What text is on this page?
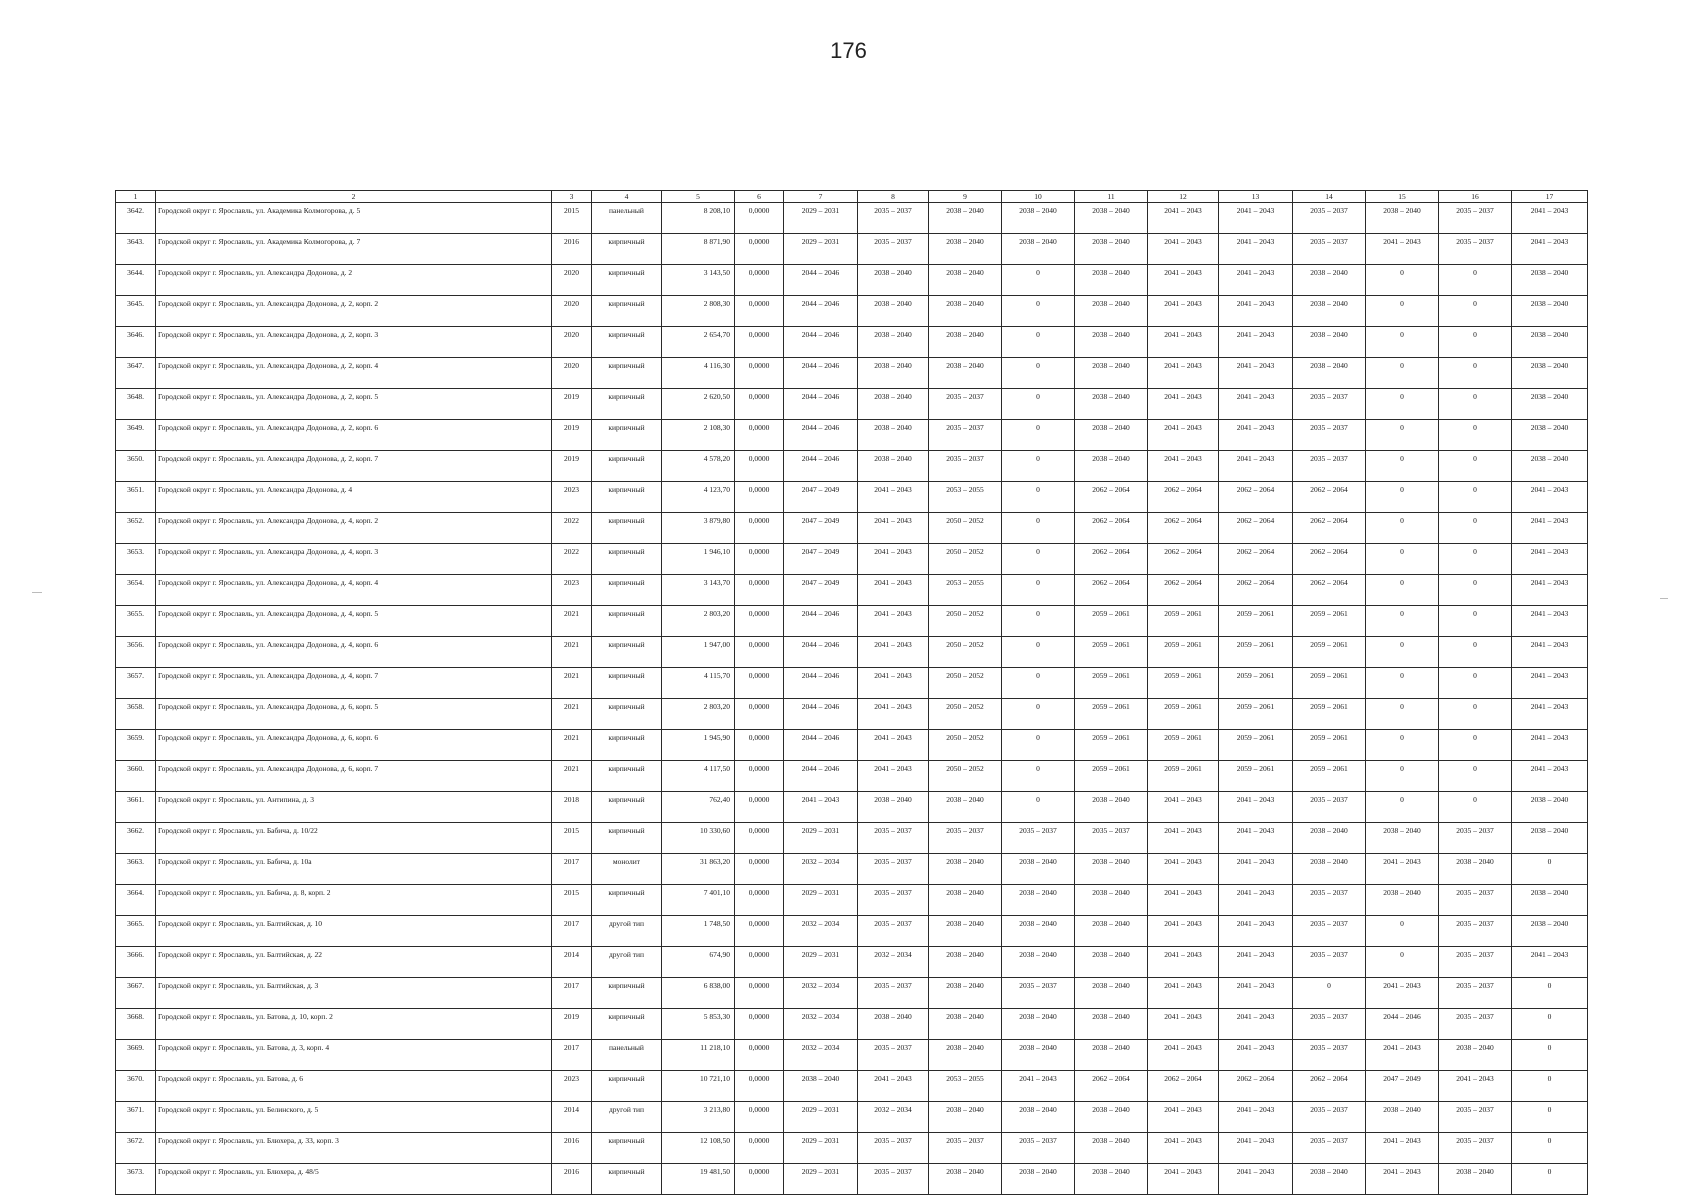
176
1	2	3	4	5	6	7	8	9	10	11	12	13	14	15	16	17
3642.	Городской округ г. Ярославль, ул. Академика Колмогорова, д. 5	2015	панельный	8 208,10	0,0000	2029 – 2031	2035 – 2037	2038 – 2040	2038 – 2040	2038 – 2040	2041 – 2043	2041 – 2043	2035 – 2037	2038 – 2040	2035 – 2037	2041 – 2043
3643.	Городской округ г. Ярославль, ул. Академика Колмогорова, д. 7	2016	кирпичный	8 871,90	0,0000	2029 – 2031	2035 – 2037	2038 – 2040	2038 – 2040	2038 – 2040	2041 – 2043	2041 – 2043	2035 – 2037	2041 – 2043	2035 – 2037	2041 – 2043
3644.	Городской округ г. Ярославль, ул. Александра Додонова, д. 2	2020	кирпичный	3 143,50	0,0000	2044 – 2046	2038 – 2040	2038 – 2040	0	2038 – 2040	2041 – 2043	2041 – 2043	2038 – 2040	0	0	2038 – 2040
3645.	Городской округ г. Ярославль, ул. Александра Додонова, д. 2, корп. 2	2020	кирпичный	2 808,30	0,0000	2044 – 2046	2038 – 2040	2038 – 2040	0	2038 – 2040	2041 – 2043	2041 – 2043	2038 – 2040	0	0	2038 – 2040
3646.	Городской округ г. Ярославль, ул. Александра Додонова, д. 2, корп. 3	2020	кирпичный	2 654,70	0,0000	2044 – 2046	2038 – 2040	2038 – 2040	0	2038 – 2040	2041 – 2043	2041 – 2043	2038 – 2040	0	0	2038 – 2040
3647.	Городской округ г. Ярославль, ул. Александра Додонова, д. 2, корп. 4	2020	кирпичный	4 116,30	0,0000	2044 – 2046	2038 – 2040	2038 – 2040	0	2038 – 2040	2041 – 2043	2041 – 2043	2038 – 2040	0	0	2038 – 2040
3648.	Городской округ г. Ярославль, ул. Александра Додонова, д. 2, корп. 5	2019	кирпичный	2 620,50	0,0000	2044 – 2046	2038 – 2040	2035 – 2037	0	2038 – 2040	2041 – 2043	2041 – 2043	2035 – 2037	0	0	2038 – 2040
3649.	Городской округ г. Ярославль, ул. Александра Додонова, д. 2, корп. 6	2019	кирпичный	2 108,30	0,0000	2044 – 2046	2038 – 2040	2035 – 2037	0	2038 – 2040	2041 – 2043	2041 – 2043	2035 – 2037	0	0	2038 – 2040
3650.	Городской округ г. Ярославль, ул. Александра Додонова, д. 2, корп. 7	2019	кирпичный	4 578,20	0,0000	2044 – 2046	2038 – 2040	2035 – 2037	0	2038 – 2040	2041 – 2043	2041 – 2043	2035 – 2037	0	0	2038 – 2040
3651.	Городской округ г. Ярославль, ул. Александра Додонова, д. 4	2023	кирпичный	4 123,70	0,0000	2047 – 2049	2041 – 2043	2053 – 2055	0	2062 – 2064	2062 – 2064	2062 – 2064	2062 – 2064	0	0	2041 – 2043
3652.	Городской округ г. Ярославль, ул. Александра Додонова, д. 4, корп. 2	2022	кирпичный	3 879,80	0,0000	2047 – 2049	2041 – 2043	2050 – 2052	0	2062 – 2064	2062 – 2064	2062 – 2064	2062 – 2064	0	0	2041 – 2043
3653.	Городской округ г. Ярославль, ул. Александра Додонова, д. 4, корп. 3	2022	кирпичный	1 946,10	0,0000	2047 – 2049	2041 – 2043	2050 – 2052	0	2062 – 2064	2062 – 2064	2062 – 2064	2062 – 2064	0	0	2041 – 2043
3654.	Городской округ г. Ярославль, ул. Александра Додонова, д. 4, корп. 4	2023	кирпичный	3 143,70	0,0000	2047 – 2049	2041 – 2043	2053 – 2055	0	2062 – 2064	2062 – 2064	2062 – 2064	2062 – 2064	0	0	2041 – 2043
3655.	Городской округ г. Ярославль, ул. Александра Додонова, д. 4, корп. 5	2021	кирпичный	2 803,20	0,0000	2044 – 2046	2041 – 2043	2050 – 2052	0	2059 – 2061	2059 – 2061	2059 – 2061	2059 – 2061	0	0	2041 – 2043
3656.	Городской округ г. Ярославль, ул. Александра Додонова, д. 4, корп. 6	2021	кирпичный	1 947,00	0,0000	2044 – 2046	2041 – 2043	2050 – 2052	0	2059 – 2061	2059 – 2061	2059 – 2061	2059 – 2061	0	0	2041 – 2043
3657.	Городской округ г. Ярославль, ул. Александра Додонова, д. 4, корп. 7	2021	кирпичный	4 115,70	0,0000	2044 – 2046	2041 – 2043	2050 – 2052	0	2059 – 2061	2059 – 2061	2059 – 2061	2059 – 2061	0	0	2041 – 2043
3658.	Городской округ г. Ярославль, ул. Александра Додонова, д. 6, корп. 5	2021	кирпичный	2 803,20	0,0000	2044 – 2046	2041 – 2043	2050 – 2052	0	2059 – 2061	2059 – 2061	2059 – 2061	2059 – 2061	0	0	2041 – 2043
3659.	Городской округ г. Ярославль, ул. Александра Додонова, д. 6, корп. 6	2021	кирпичный	1 945,90	0,0000	2044 – 2046	2041 – 2043	2050 – 2052	0	2059 – 2061	2059 – 2061	2059 – 2061	2059 – 2061	0	0	2041 – 2043
3660.	Городской округ г. Ярославль, ул. Александра Додонова, д. 6, корп. 7	2021	кирпичный	4 117,50	0,0000	2044 – 2046	2041 – 2043	2050 – 2052	0	2059 – 2061	2059 – 2061	2059 – 2061	2059 – 2061	0	0	2041 – 2043
3661.	Городской округ г. Ярославль, ул. Антипина, д. 3	2018	кирпичный	762,40	0,0000	2041 – 2043	2038 – 2040	2038 – 2040	0	2038 – 2040	2041 – 2043	2041 – 2043	2035 – 2037	0	0	2038 – 2040
3662.	Городской округ г. Ярославль, ул. Бабича, д. 10/22	2015	кирпичный	10 330,60	0,0000	2029 – 2031	2035 – 2037	2035 – 2037	2035 – 2037	2035 – 2037	2041 – 2043	2041 – 2043	2038 – 2040	2038 – 2040	2035 – 2037	2038 – 2040
3663.	Городской округ г. Ярославль, ул. Бабича, д. 10а	2017	монолит	31 863,20	0,0000	2032 – 2034	2035 – 2037	2038 – 2040	2038 – 2040	2038 – 2040	2041 – 2043	2041 – 2043	2038 – 2040	2041 – 2043	2038 – 2040	0
3664.	Городской округ г. Ярославль, ул. Бабича, д. 8, корп. 2	2015	кирпичный	7 401,10	0,0000	2029 – 2031	2035 – 2037	2038 – 2040	2038 – 2040	2038 – 2040	2041 – 2043	2041 – 2043	2035 – 2037	2038 – 2040	2035 – 2037	2038 – 2040
3665.	Городской округ г. Ярославль, ул. Балтийская, д. 10	2017	другой тип	1 748,50	0,0000	2032 – 2034	2035 – 2037	2038 – 2040	2038 – 2040	2038 – 2040	2041 – 2043	2041 – 2043	2035 – 2037	0	2035 – 2037	2038 – 2040
3666.	Городской округ г. Ярославль, ул. Балтийская, д. 22	2014	другой тип	674,90	0,0000	2029 – 2031	2032 – 2034	2038 – 2040	2038 – 2040	2038 – 2040	2041 – 2043	2041 – 2043	2035 – 2037	0	2035 – 2037	2041 – 2043
3667.	Городской округ г. Ярославль, ул. Балтийская, д. 3	2017	кирпичный	6 838,00	0,0000	2032 – 2034	2035 – 2037	2038 – 2040	2035 – 2037	2038 – 2040	2041 – 2043	2041 – 2043	0	2041 – 2043	2035 – 2037	0
3668.	Городской округ г. Ярославль, ул. Батова, д. 10, корп. 2	2019	кирпичный	5 853,30	0,0000	2032 – 2034	2038 – 2040	2038 – 2040	2038 – 2040	2038 – 2040	2041 – 2043	2041 – 2043	2035 – 2037	2044 – 2046	2035 – 2037	0
3669.	Городской округ г. Ярославль, ул. Батова, д. 3, корп. 4	2017	панельный	11 218,10	0,0000	2032 – 2034	2035 – 2037	2038 – 2040	2038 – 2040	2038 – 2040	2041 – 2043	2041 – 2043	2035 – 2037	2041 – 2043	2038 – 2040	0
3670.	Городской округ г. Ярославль, ул. Батова, д. 6	2023	кирпичный	10 721,10	0,0000	2038 – 2040	2041 – 2043	2053 – 2055	2041 – 2043	2062 – 2064	2062 – 2064	2062 – 2064	2062 – 2064	2047 – 2049	2041 – 2043	0
3671.	Городской округ г. Ярославль, ул. Белинского, д. 5	2014	другой тип	3 213,80	0,0000	2029 – 2031	2032 – 2034	2038 – 2040	2038 – 2040	2038 – 2040	2041 – 2043	2041 – 2043	2035 – 2037	2038 – 2040	2035 – 2037	0
3672.	Городской округ г. Ярославль, ул. Блюхера, д. 33, корп. 3	2016	кирпичный	12 108,50	0,0000	2029 – 2031	2035 – 2037	2035 – 2037	2035 – 2037	2038 – 2040	2041 – 2043	2041 – 2043	2035 – 2037	2041 – 2043	2035 – 2037	0
3673.	Городской округ г. Ярославль, ул. Блюхера, д. 48/5	2016	кирпичный	19 481,50	0,0000	2029 – 2031	2035 – 2037	2038 – 2040	2038 – 2040	2038 – 2040	2041 – 2043	2041 – 2043	2038 – 2040	2041 – 2043	2038 – 2040	0
